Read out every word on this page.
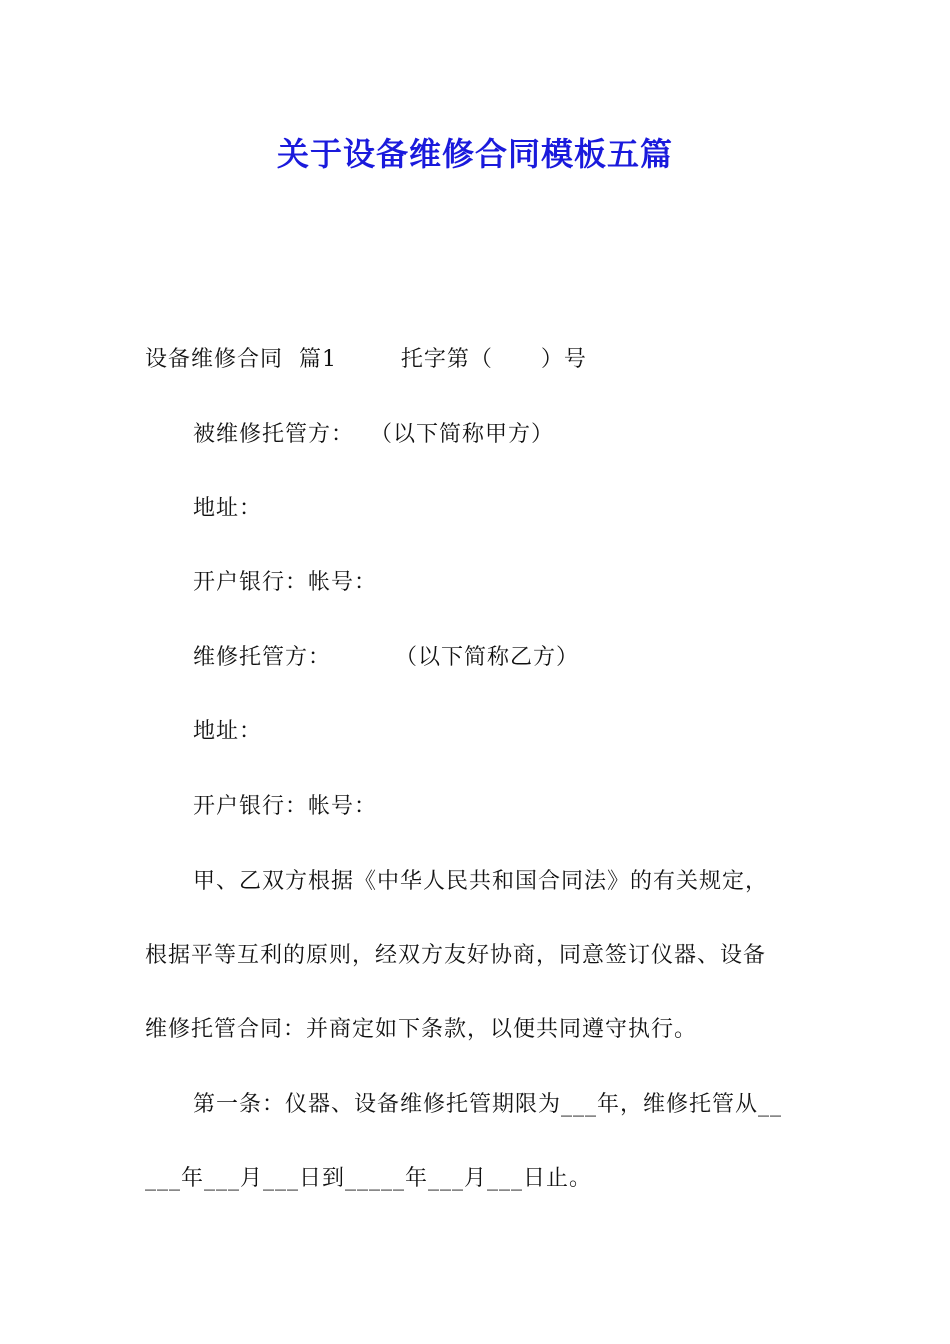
关于设备维修合同模板五篇
设备维修合同  篇1        托字第（      ）号
被维修托管方：  （以下简称甲方）
地址：
开户银行：帐号：
维修托管方：        （以下简称乙方）
地址：
开户银行：帐号：
甲、乙双方根据《中华人民共和国合同法》的有关规定，
根据平等互利的原则，经双方友好协商，同意签订仪器、设备
维修托管合同：并商定如下条款，以便共同遵守执行。
第一条：仪器、设备维修托管期限为___年，维修托管从__
___年___月___日到_____年___月___日止。
